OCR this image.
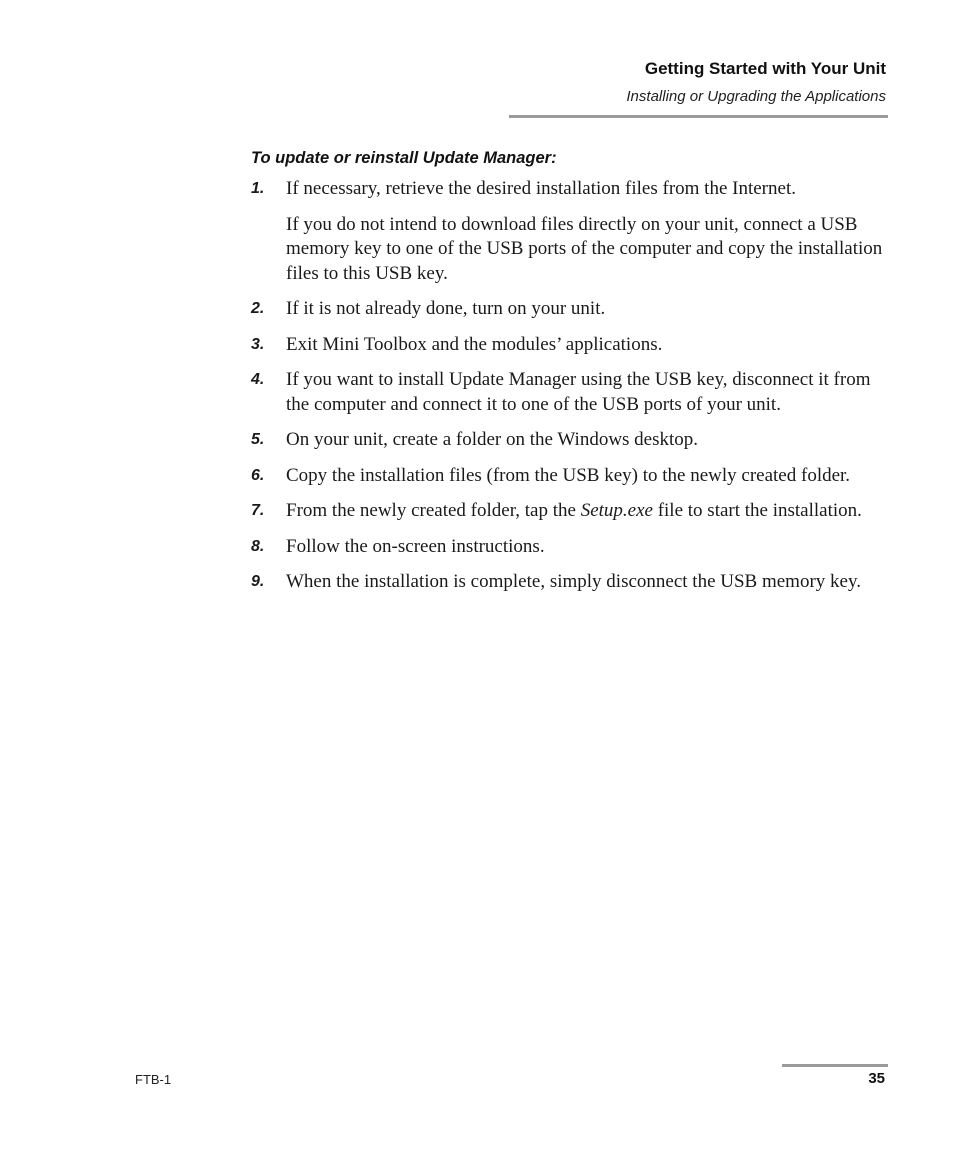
Getting Started with Your Unit
Installing or Upgrading the Applications
To update or reinstall Update Manager:
1. If necessary, retrieve the desired installation files from the Internet.

If you do not intend to download files directly on your unit, connect a USB memory key to one of the USB ports of the computer and copy the installation files to this USB key.

2. If it is not already done, turn on your unit.

3. Exit Mini Toolbox and the modules’ applications.

4. If you want to install Update Manager using the USB key, disconnect it from the computer and connect it to one of the USB ports of your unit.

5. On your unit, create a folder on the Windows desktop.

6. Copy the installation files (from the USB key) to the newly created folder.

7. From the newly created folder, tap the Setup.exe file to start the installation.

8. Follow the on-screen instructions.

9. When the installation is complete, simply disconnect the USB memory key.

FTB-1	35
